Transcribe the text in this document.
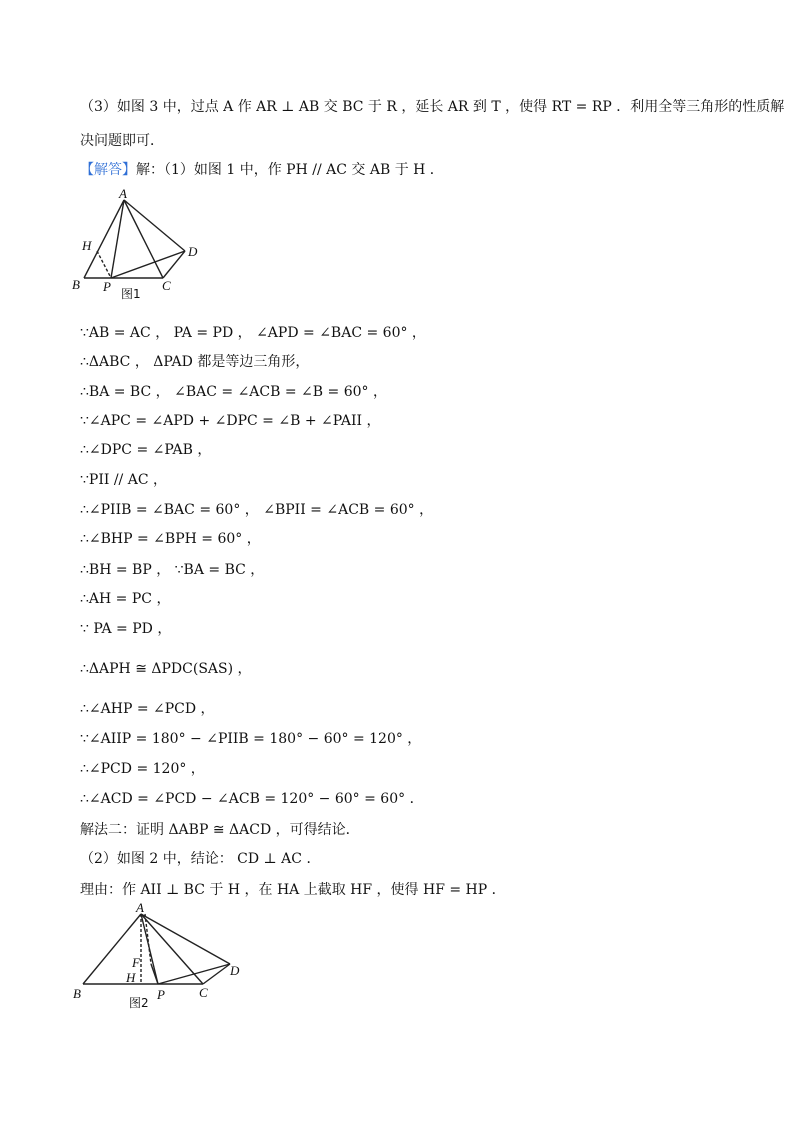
（3）如图 3 中，过点 A 作 AR ⊥ AB 交 BC 于 R ，延长 AR 到 T ，使得 RT = RP ．利用全等三角形的性质解
决问题即可．
【解答】解：（1）如图 1 中，作 PH // AC 交 AB 于 H ．
A
H	D
B P	C
图1
∵AB = AC ， PA = PD ， ∠APD = ∠BAC = 60° ，
∴ΔABC ， ΔPAD 都是等边三角形，
∴BA = BC ， ∠BAC = ∠ACB = ∠B = 60° ，
∵∠APC = ∠APD + ∠DPC = ∠B + ∠PAII ，
∴∠DPC = ∠PAB ，
∵PII // AC ，
∴∠PIIB = ∠BAC = 60° ， ∠BPII = ∠ACB = 60° ，
∴∠BHP = ∠BPH = 60° ，
∴BH = BP ， ∵BA = BC ，
∴AH = PC ，
∵ PA = PD ，
∴ΔAPH ≅ ΔPDC(SAS) ，
∴∠AHP = ∠PCD ，
∵∠AIIP = 180° − ∠PIIB = 180° − 60° = 120° ，
∴∠PCD = 120° ，
∴∠ACD = ∠PCD − ∠ACB = 120° − 60° = 60° ．
解法二：证明 ΔABP ≅ ΔACD ，可得结论．
（2）如图 2 中，结论： CD ⊥ AC ．
理由：作 AII ⊥ BC 于 H ，在 HA 上截取 HF ，使得 HF = HP ．
A
F
H
B	P	C
D
图2
